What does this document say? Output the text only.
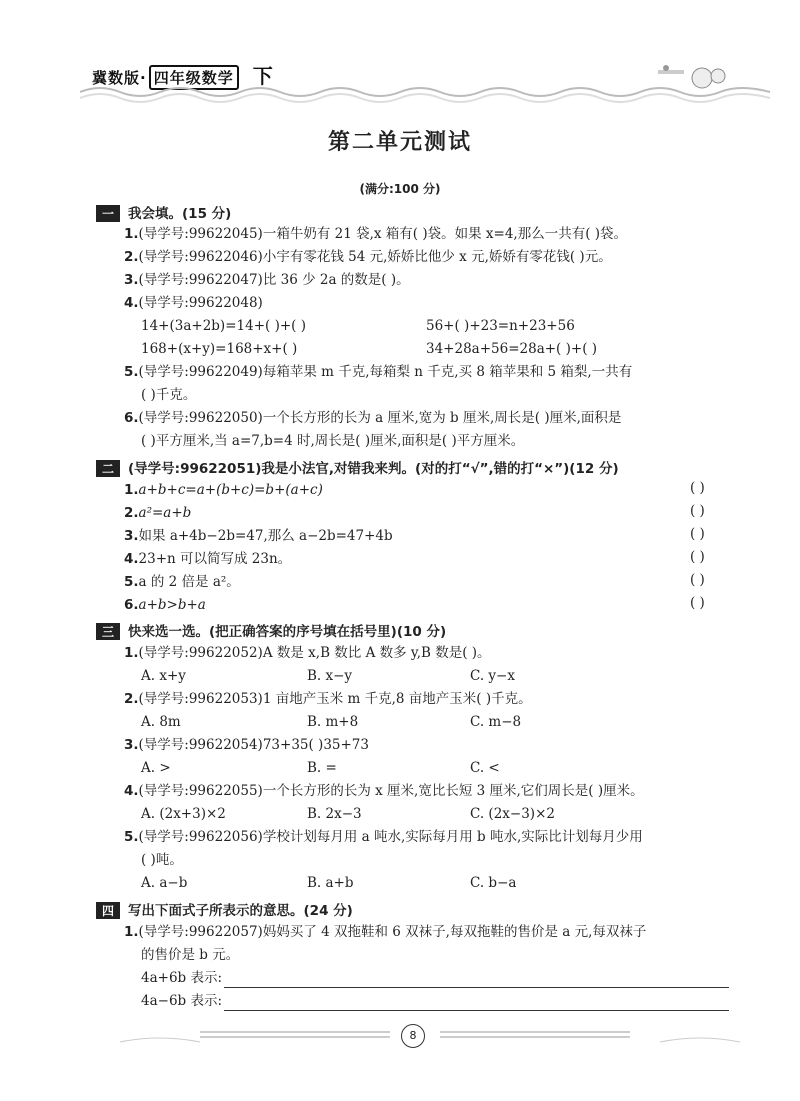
冀数版· 四年级数学 下
第二单元测试
(满分:100 分)
一 我会填。(15 分)
1.(导学号:99622045)一箱牛奶有 21 袋,x 箱有( )袋。如果 x=4,那么一共有( )袋。
2.(导学号:99622046)小宇有零花钱 54 元,娇娇比他少 x 元,娇娇有零花钱( )元。
3.(导学号:99622047)比 36 少 2a 的数是( )。
4.(导学号:99622048)
14+(3a+2b)=14+( )+( )	56+( )+23=n+23+56
168+(x+y)=168+x+( )	34+28a+56=28a+( )+( )
5.(导学号:99622049)每箱苹果 m 千克,每箱梨 n 千克,买 8 箱苹果和 5 箱梨,一共有
( )千克。
6.(导学号:99622050)一个长方形的长为 a 厘米,宽为 b 厘米,周长是( )厘米,面积是
( )平方厘米,当 a=7,b=4 时,周长是( )厘米,面积是( )平方厘米。
二 (导学号:99622051)我是小法官,对错我来判。(对的打“√”,错的打“×”)(12 分)
1.a+b+c=a+(b+c)=b+(a+c)	( )
2.a²=a+b	( )
3.如果 a+4b−2b=47,那么 a−2b=47+4b	( )
4.23+n 可以简写成 23n。	( )
5.a 的 2 倍是 a²。	( )
6.a+b>b+a	( )
三 快来选一选。(把正确答案的序号填在括号里)(10 分)
1.(导学号:99622052)A 数是 x,B 数比 A 数多 y,B 数是( )。
A. x+y	B. x−y	C. y−x
2.(导学号:99622053)1 亩地产玉米 m 千克,8 亩地产玉米( )千克。
A. 8m	B. m+8	C. m−8
3.(导学号:99622054)73+35( )35+73
A. >	B. =	C. <
4.(导学号:99622055)一个长方形的长为 x 厘米,宽比长短 3 厘米,它们周长是( )厘米。
A. (2x+3)×2	B. 2x−3	C. (2x−3)×2
5.(导学号:99622056)学校计划每月用 a 吨水,实际每月用 b 吨水,实际比计划每月少用
( )吨。
A. a−b	B. a+b	C. b−a
四 写出下面式子所表示的意思。(24 分)
1.(导学号:99622057)妈妈买了 4 双拖鞋和 6 双袜子,每双拖鞋的售价是 a 元,每双袜子
的售价是 b 元。
4a+6b 表示:
4a−6b 表示:
8
